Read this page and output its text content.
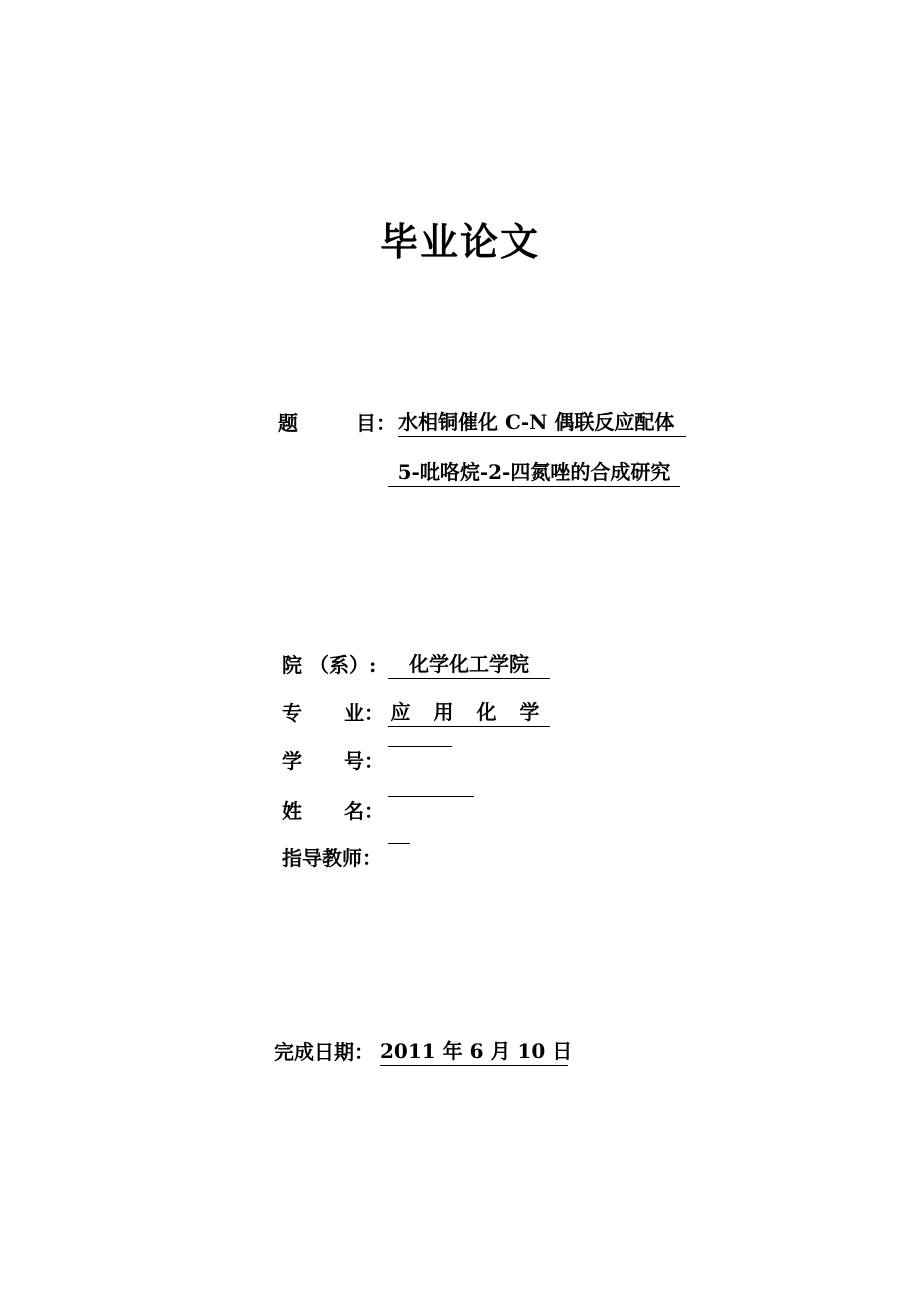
毕业论文
题	目： 水相铜催化 C-N 偶联反应配体
5-吡咯烷-2-四氮唑的合成研究
院 （系）:	化学化工学院
专 业： 应 用 化 学
学 号：
姓 名：
指导教师：
完成日期： 2011 年 6 月 10 日
